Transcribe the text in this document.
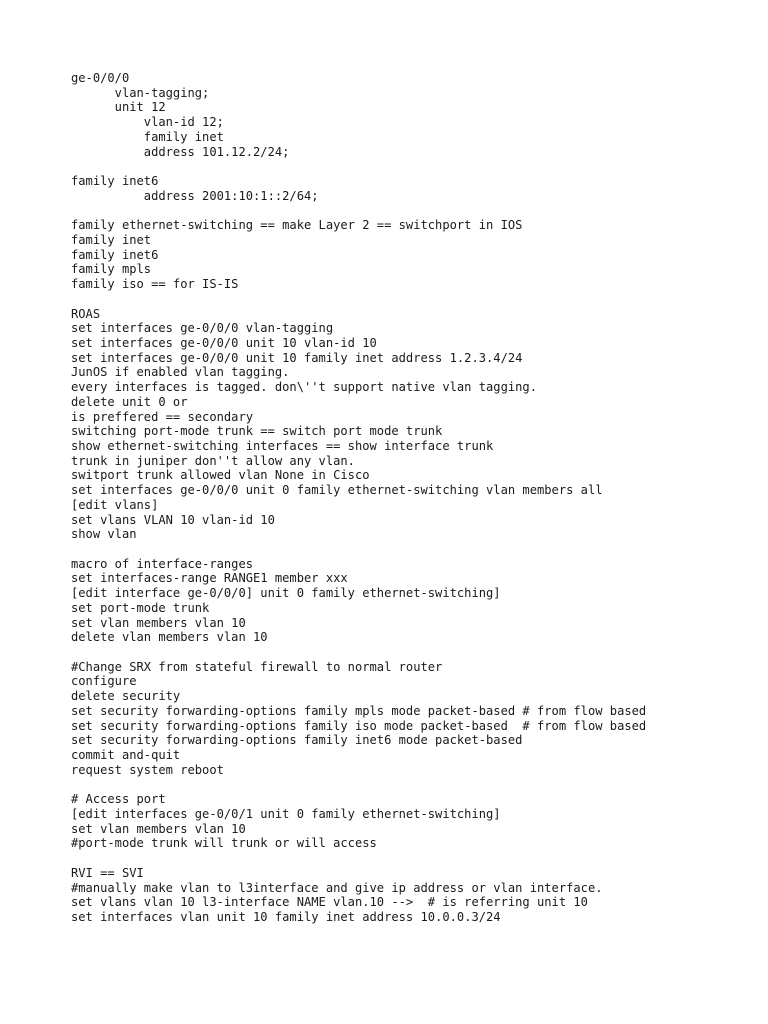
ge-0/0/0
vlan-tagging;
unit 12
vlan-id 12;
family inet
address 101.12.2/24;
family inet6
address 2001:10:1::2/64;
family ethernet-switching == make Layer 2 == switchport in IOS
family inet
family inet6
family mpls
family iso == for IS-IS
ROAS
set interfaces ge-0/0/0 vlan-tagging
set interfaces ge-0/0/0 unit 10 vlan-id 10
set interfaces ge-0/0/0 unit 10 family inet address 1.2.3.4/24
JunOS if enabled vlan tagging.
every interfaces is tagged. don\''t support native vlan tagging.
delete unit 0 or
is preffered == secondary
switching port-mode trunk == switch port mode trunk
show ethernet-switching interfaces == show interface trunk
trunk in juniper don''t allow any vlan.
switport trunk allowed vlan None in Cisco
set interfaces ge-0/0/0 unit 0 family ethernet-switching vlan members all
[edit vlans]
set vlans VLAN 10 vlan-id 10
show vlan
macro of interface-ranges
set interfaces-range RANGE1 member xxx
[edit interface ge-0/0/0] unit 0 family ethernet-switching]
set port-mode trunk
set vlan members vlan 10
delete vlan members vlan 10
#Change SRX from stateful firewall to normal router
configure
delete security
set security forwarding-options family mpls mode packet-based # from flow based
set security forwarding-options family iso mode packet-based  # from flow based
set security forwarding-options family inet6 mode packet-based
commit and-quit
request system reboot
# Access port
[edit interfaces ge-0/0/1 unit 0 family ethernet-switching]
set vlan members vlan 10
#port-mode trunk will trunk or will access
RVI == SVI
#manually make vlan to l3interface and give ip address or vlan interface.
set vlans vlan 10 l3-interface NAME vlan.10 -->  # is referring unit 10
set interfaces vlan unit 10 family inet address 10.0.0.3/24
